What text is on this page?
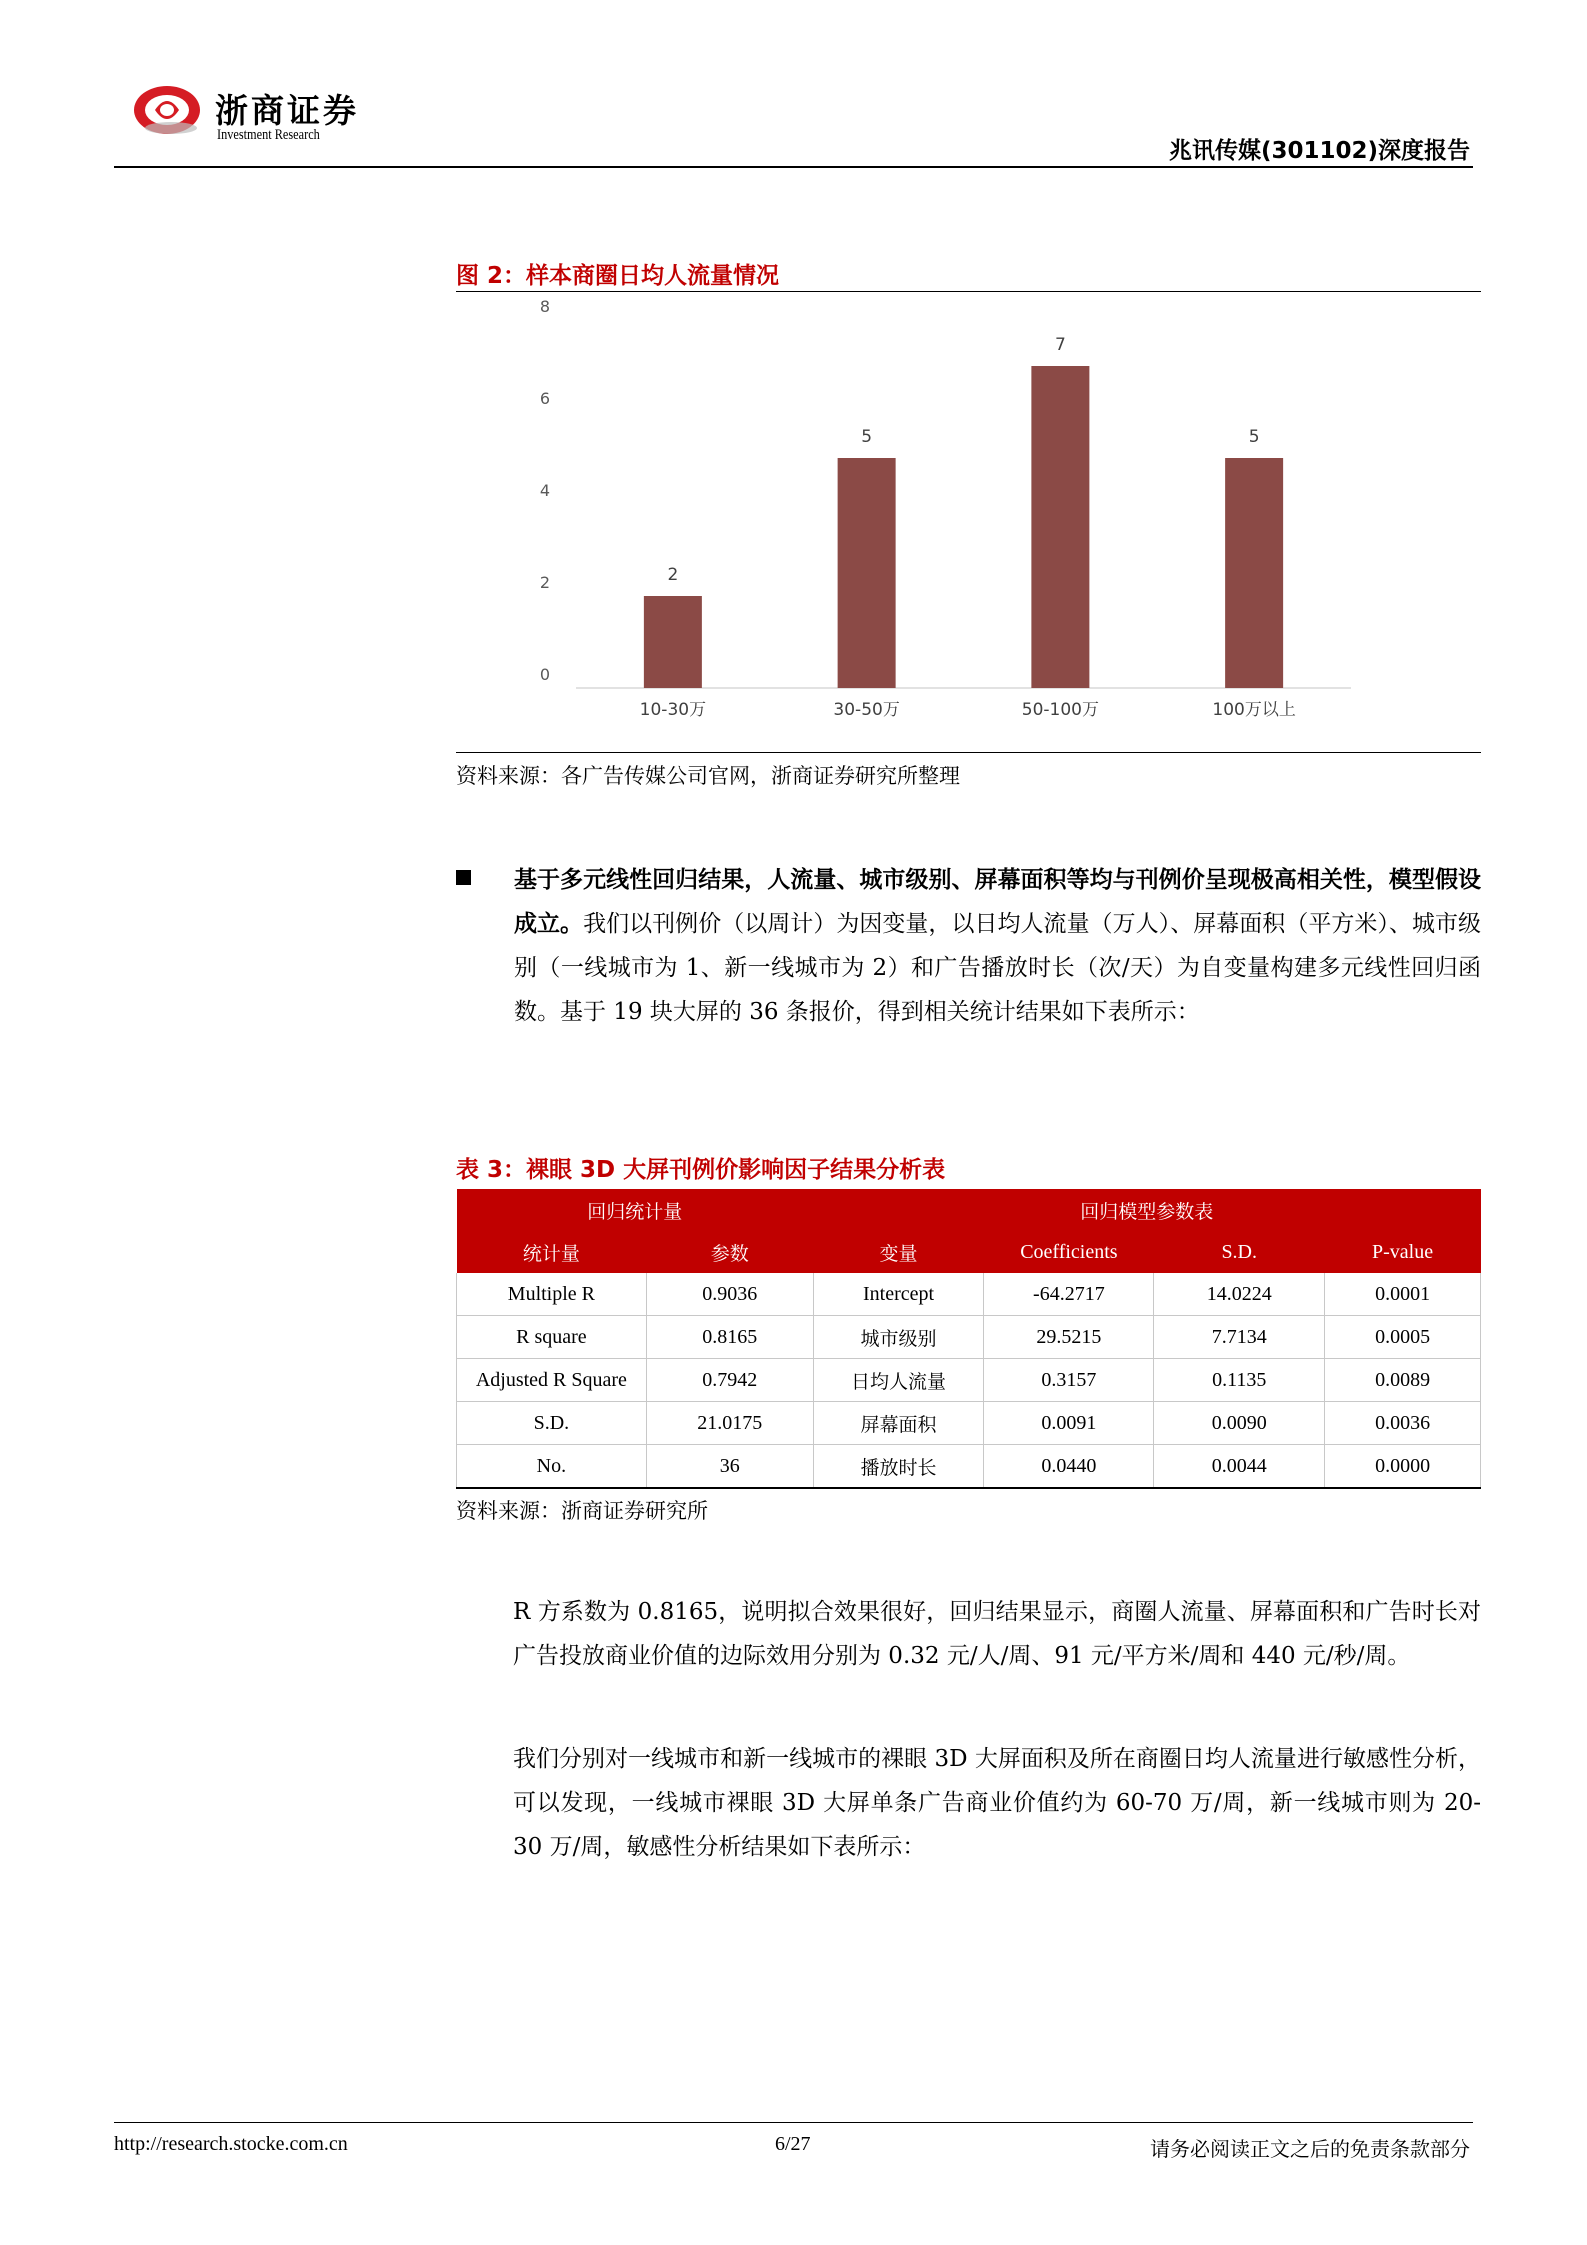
浙商证券
Investment Research
兆讯传媒(301102)深度报告
图 2：样本商圈日均人流量情况
0
2
4
6
8
2
5
7
5
10-30万	30-50万	50-100万	100万以上
资料来源：各广告传媒公司官网，浙商证券研究所整理
基于多元线性回归结果，人流量、城市级别、屏幕面积等均与刊例价呈现极高相关性，模型假设成立。我们以刊例价（以周计）为因变量，以日均人流量（万人）、屏幕面积（平方米）、城市级别（一线城市为 1、新一线城市为 2）和广告播放时长（次/天）为自变量构建多元线性回归函数。基于 19 块大屏的 36 条报价，得到相关统计结果如下表所示：
表 3：裸眼 3D 大屏刊例价影响因子结果分析表
回归统计量		回归模型参数表			
统计量	参数	变量	Coefficients	S.D.	P-value
Multiple R	0.9036	Intercept	-64.2717	14.0224	0.0001
R square	0.8165	城市级别	29.5215	7.7134	0.0005
Adjusted R Square	0.7942	日均人流量	0.3157	0.1135	0.0089
S.D.	21.0175	屏幕面积	0.0091	0.0090	0.0036
No.	36	播放时长	0.0440	0.0044	0.0000
资料来源：浙商证券研究所
R 方系数为 0.8165，说明拟合效果很好，回归结果显示，商圈人流量、屏幕面积和广告时长对广告投放商业价值的边际效用分别为 0.32 元/人/周、91 元/平方米/周和 440 元/秒/周。
我们分别对一线城市和新一线城市的裸眼 3D 大屏面积及所在商圈日均人流量进行敏感性分析，可以发现，一线城市裸眼 3D 大屏单条广告商业价值约为 60-70 万/周，新一线城市则为 20-30 万/周，敏感性分析结果如下表所示：
http://research.stocke.com.cn	6/27	请务必阅读正文之后的免责条款部分
